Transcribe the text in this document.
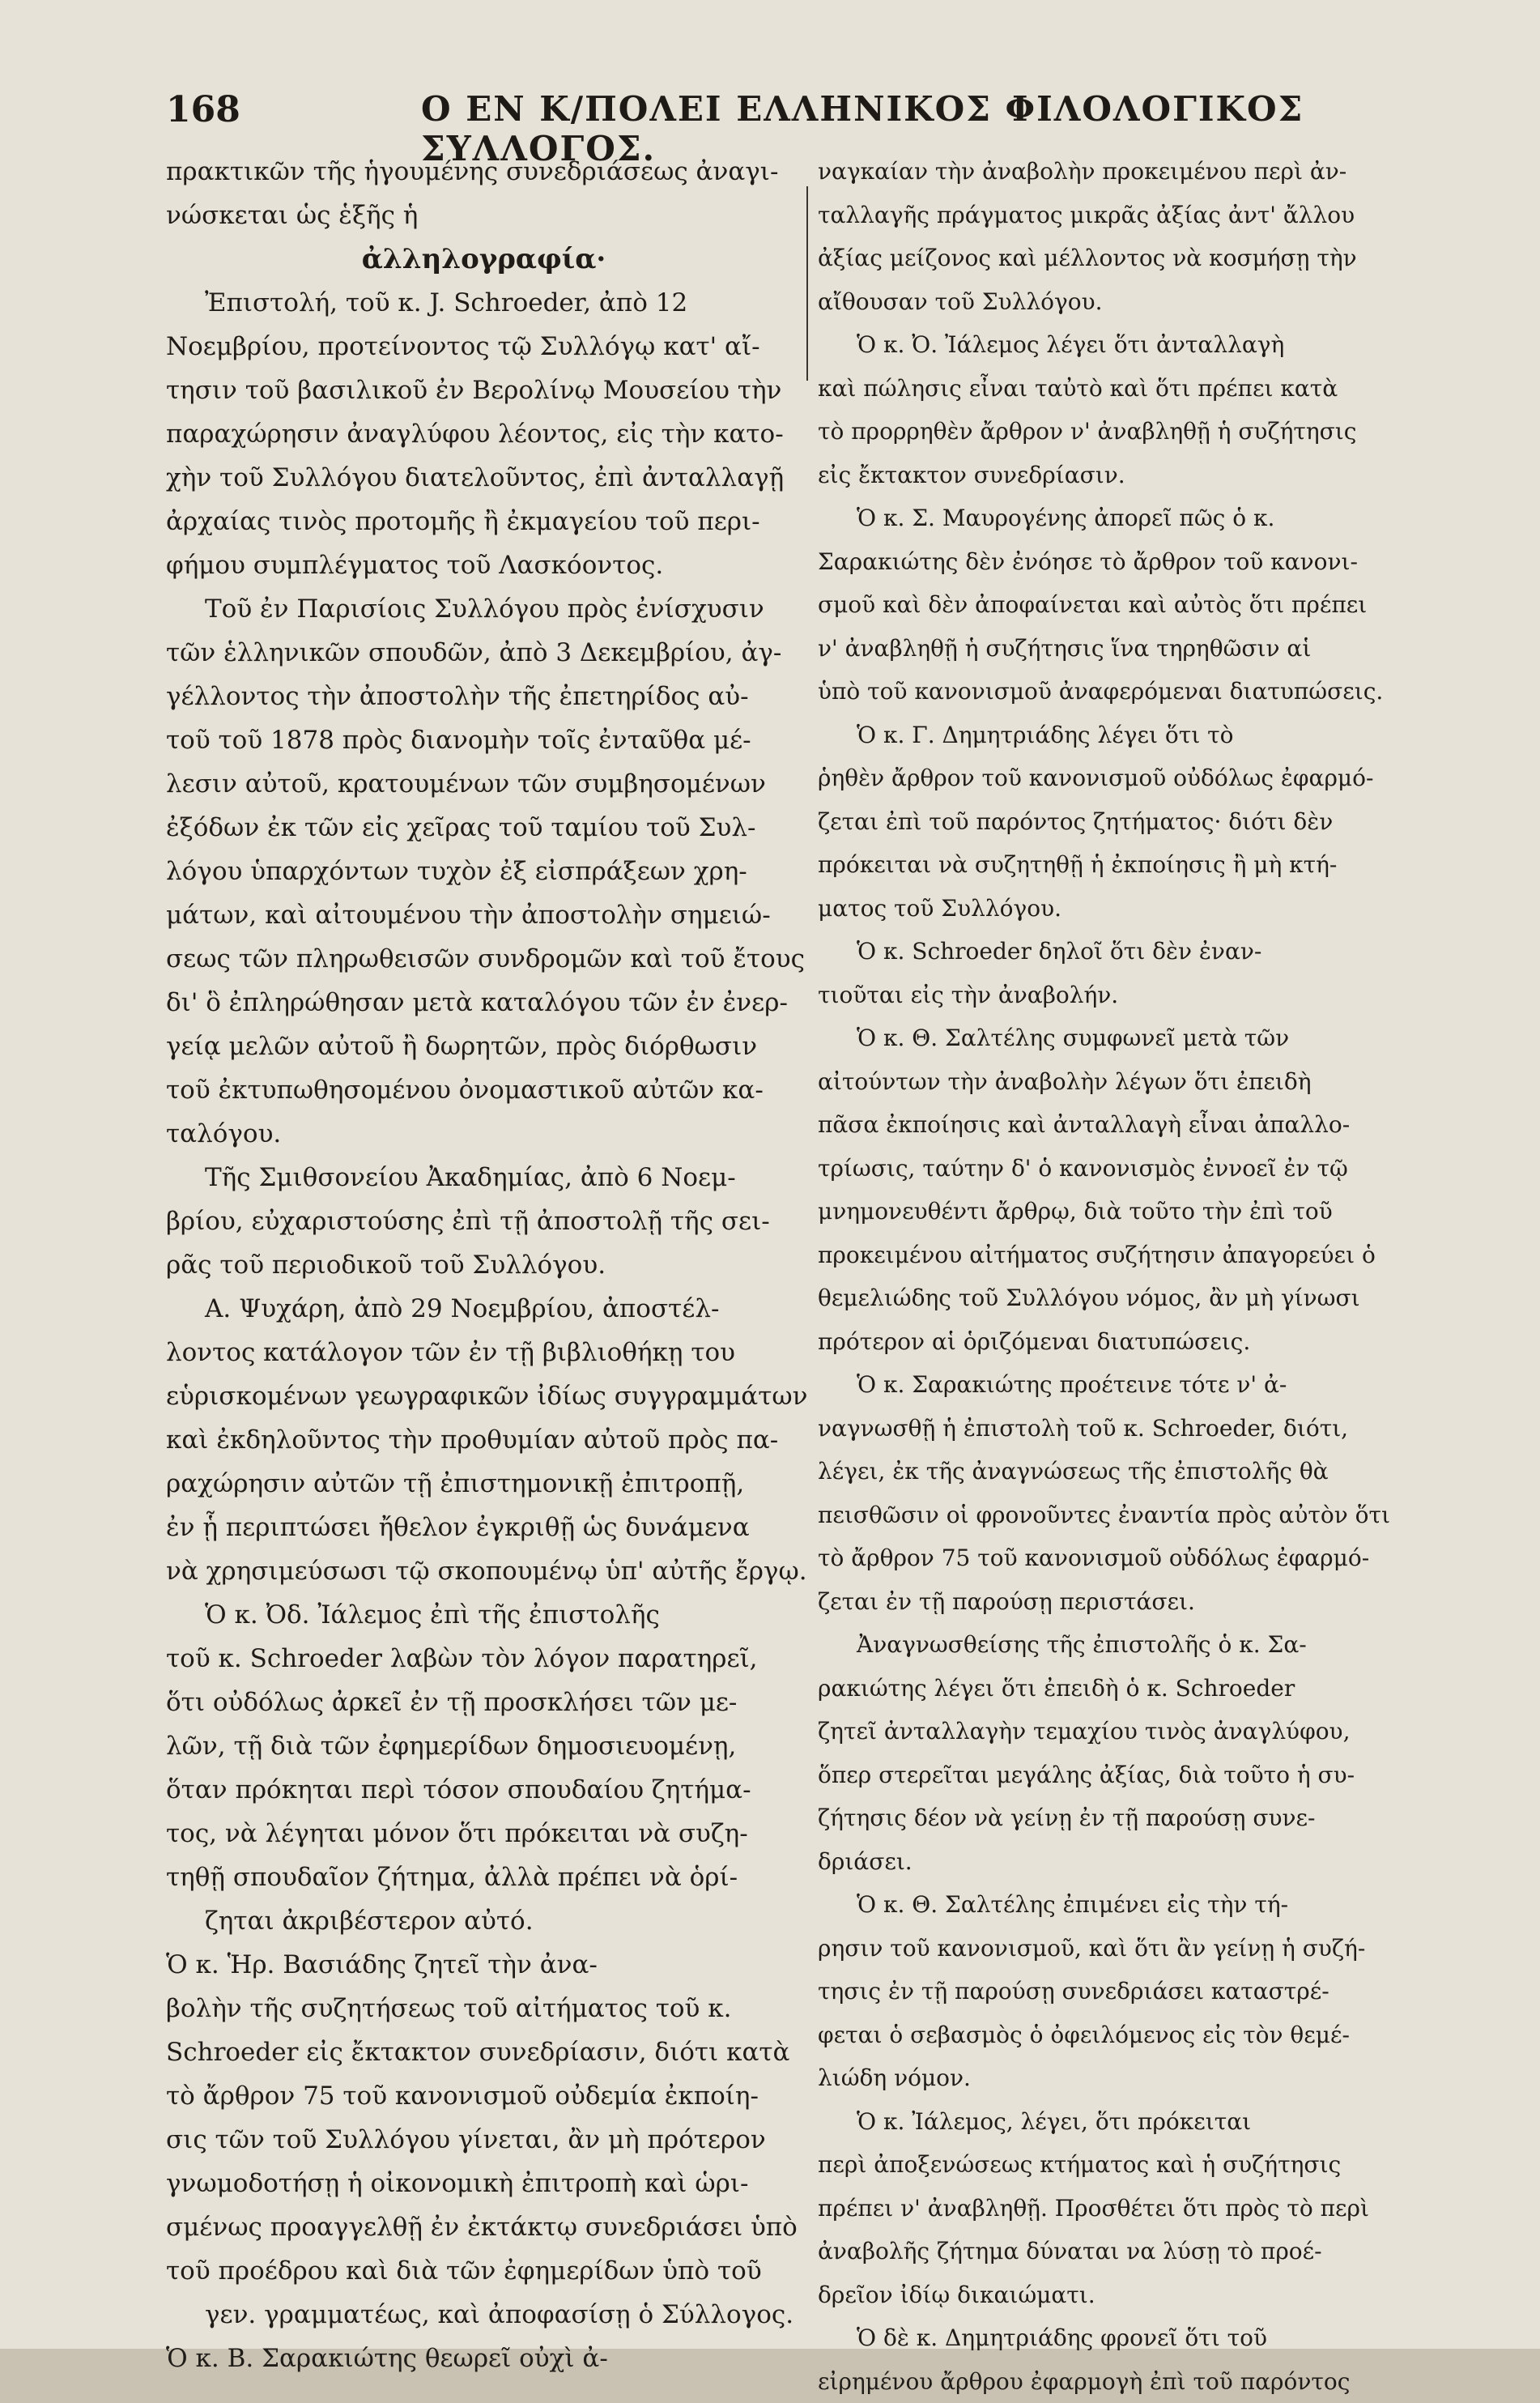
168	Ο ΕΝ Κ/ΠΟΛΕΙ ΕΛΛΗΝΙΚΟΣ ΦΙΛΟΛΟΓΙΚΟΣ ΣΥΛΛΟΓΟΣ.
πρακτικῶν τῆς ἡγουμένης συνεδριάσεως ἀναγι-
νώσκεται ὡς ἑξῆς ἡ
ἀλληλογραφία·
Ἐπιστολή, τοῦ κ. J. Schroeder, ἀπὸ 12
Νοεμβρίου, προτείνοντος τῷ Συλλόγῳ κατ' αἴ-
τησιν τοῦ βασιλικοῦ ἐν Βερολίνῳ Μουσείου τὴν
παραχώρησιν ἀναγλύφου λέοντος, εἰς τὴν κατο-
χὴν τοῦ Συλλόγου διατελοῦντος, ἐπὶ ἀνταλλαγῇ
ἀρχαίας τινὸς προτομῆς ἢ ἐκμαγείου τοῦ περι-
φήμου συμπλέγματος τοῦ Λασκόοντος.
Τοῦ ἐν Παρισίοις Συλλόγου πρὸς ἐνίσχυσιν
τῶν ἑλληνικῶν σπουδῶν, ἀπὸ 3 Δεκεμβρίου, ἀγ-
γέλλοντος τὴν ἀποστολὴν τῆς ἐπετηρίδος αὐ-
τοῦ τοῦ 1878 πρὸς διανομὴν τοῖς ἐνταῦθα μέ-
λεσιν αὐτοῦ, κρατουμένων τῶν συμβησομένων
ἐξόδων ἐκ τῶν εἰς χεῖρας τοῦ ταμίου τοῦ Συλ-
λόγου ὑπαρχόντων τυχὸν ἐξ εἰσπράξεων χρη-
μάτων, καὶ αἰτουμένου τὴν ἀποστολὴν σημειώ-
σεως τῶν πληρωθεισῶν συνδρομῶν καὶ τοῦ ἔτους
δι' ὃ ἐπληρώθησαν μετὰ καταλόγου τῶν ἐν ἐνερ-
γείᾳ μελῶν αὐτοῦ ἢ δωρητῶν, πρὸς διόρθωσιν
τοῦ ἐκτυπωθησομένου ὀνομαστικοῦ αὐτῶν κα-
ταλόγου.
Τῆς Σμιθσονείου Ἀκαδημίας, ἀπὸ 6 Νοεμ-
βρίου, εὐχαριστούσης ἐπὶ τῇ ἀποστολῇ τῆς σει-
ρᾶς τοῦ περιοδικοῦ τοῦ Συλλόγου.
Α. Ψυχάρη, ἀπὸ 29 Νοεμβρίου, ἀποστέλ-
λοντος κατάλογον τῶν ἐν τῇ βιβλιοθήκῃ του
εὑρισκομένων γεωγραφικῶν ἰδίως συγγραμμάτων
καὶ ἐκδηλοῦντος τὴν προθυμίαν αὐτοῦ πρὸς πα-
ραχώρησιν αὐτῶν τῇ ἐπιστημονικῇ ἐπιτροπῇ,
ἐν ᾗ περιπτώσει ἤθελον ἐγκριθῇ ὡς δυνάμενα
νὰ χρησιμεύσωσι τῷ σκοπουμένῳ ὑπ' αὐτῆς ἔργῳ.
Ὁ κ. Ὀδ. Ἰάλεμος ἐπὶ τῆς ἐπιστολῆς
τοῦ κ. Schroeder λαβὼν τὸν λόγον παρατηρεῖ,
ὅτι οὐδόλως ἀρκεῖ ἐν τῇ προσκλήσει τῶν με-
λῶν, τῇ διὰ τῶν ἐφημερίδων δημοσιευομένῃ,
ὅταν πρόκηται περὶ τόσον σπουδαίου ζητήμα-
τος, νὰ λέγηται μόνον ὅτι πρόκειται νὰ συζη-
τηθῇ σπουδαῖον ζήτημα, ἀλλὰ πρέπει νὰ ὁρί-
ζηται ἀκριβέστερον αὐτό.
Ὁ κ. Ἡρ. Βασιάδης ζητεῖ τὴν ἀνα-
βολὴν τῆς συζητήσεως τοῦ αἰτήματος τοῦ κ.
Schroeder εἰς ἔκτακτον συνεδρίασιν, διότι κατὰ
τὸ ἄρθρον 75 τοῦ κανονισμοῦ οὐδεμία ἐκποίη-
σις τῶν τοῦ Συλλόγου γίνεται, ἂν μὴ πρότερον
γνωμοδοτήσῃ ἡ οἰκονομικὴ ἐπιτροπὴ καὶ ὡρι-
σμένως προαγγελθῇ ἐν ἐκτάκτῳ συνεδριάσει ὑπὸ
τοῦ προέδρου καὶ διὰ τῶν ἐφημερίδων ὑπὸ τοῦ
γεν. γραμματέως, καὶ ἀποφασίσῃ ὁ Σύλλογος.
Ὁ κ. Β. Σαρακιώτης θεωρεῖ οὐχὶ ἀ-
ναγκαίαν τὴν ἀναβολὴν προκειμένου περὶ ἀν-
ταλλαγῆς πράγματος μικρᾶς ἀξίας ἀντ' ἄλλου
ἀξίας μείζονος καὶ μέλλοντος νὰ κοσμήσῃ τὴν
αἴθουσαν τοῦ Συλλόγου.
Ὁ κ. Ὀ. Ἰάλεμος λέγει ὅτι ἀνταλλαγὴ
καὶ πώλησις εἶναι ταὐτὸ καὶ ὅτι πρέπει κατὰ
τὸ προρρηθὲν ἄρθρον ν' ἀναβληθῇ ἡ συζήτησις
εἰς ἔκτακτον συνεδρίασιν.
Ὁ κ. Σ. Μαυρογένης ἀπορεῖ πῶς ὁ κ.
Σαρακιώτης δὲν ἐνόησε τὸ ἄρθρον τοῦ κανονι-
σμοῦ καὶ δὲν ἀποφαίνεται καὶ αὐτὸς ὅτι πρέπει
ν' ἀναβληθῇ ἡ συζήτησις ἵνα τηρηθῶσιν αἱ
ὑπὸ τοῦ κανονισμοῦ ἀναφερόμεναι διατυπώσεις.
Ὁ κ. Γ. Δημητριάδης λέγει ὅτι τὸ
ῥηθὲν ἄρθρον τοῦ κανονισμοῦ οὐδόλως ἐφαρμό-
ζεται ἐπὶ τοῦ παρόντος ζητήματος· διότι δὲν
πρόκειται νὰ συζητηθῇ ἡ ἐκποίησις ἢ μὴ κτή-
ματος τοῦ Συλλόγου.
Ὁ κ. Schroeder δηλοῖ ὅτι δὲν ἐναν-
τιοῦται εἰς τὴν ἀναβολήν.
Ὁ κ. Θ. Σαλτέλης συμφωνεῖ μετὰ τῶν
αἰτούντων τὴν ἀναβολὴν λέγων ὅτι ἐπειδὴ
πᾶσα ἐκποίησις καὶ ἀνταλλαγὴ εἶναι ἀπαλλο-
τρίωσις, ταύτην δ' ὁ κανονισμὸς ἐννοεῖ ἐν τῷ
μνημονευθέντι ἄρθρῳ, διὰ τοῦτο τὴν ἐπὶ τοῦ
προκειμένου αἰτήματος συζήτησιν ἀπαγορεύει ὁ
θεμελιώδης τοῦ Συλλόγου νόμος, ἂν μὴ γίνωσι
πρότερον αἱ ὁριζόμεναι διατυπώσεις.
Ὁ κ. Σαρακιώτης προέτεινε τότε ν' ἀ-
ναγνωσθῇ ἡ ἐπιστολὴ τοῦ κ. Schroeder, διότι,
λέγει, ἐκ τῆς ἀναγνώσεως τῆς ἐπιστολῆς θὰ
πεισθῶσιν οἱ φρονοῦντες ἐναντία πρὸς αὐτὸν ὅτι
τὸ ἄρθρον 75 τοῦ κανονισμοῦ οὐδόλως ἐφαρμό-
ζεται ἐν τῇ παρούσῃ περιστάσει.
Ἀναγνωσθείσης τῆς ἐπιστολῆς ὁ κ. Σα-
ρακιώτης λέγει ὅτι ἐπειδὴ ὁ κ. Schroeder
ζητεῖ ἀνταλλαγὴν τεμαχίου τινὸς ἀναγλύφου,
ὅπερ στερεῖται μεγάλης ἀξίας, διὰ τοῦτο ἡ συ-
ζήτησις δέον νὰ γείνῃ ἐν τῇ παρούσῃ συνε-
δριάσει.
Ὁ κ. Θ. Σαλτέλης ἐπιμένει εἰς τὴν τή-
ρησιν τοῦ κανονισμοῦ, καὶ ὅτι ἂν γείνῃ ἡ συζή-
τησις ἐν τῇ παρούσῃ συνεδριάσει καταστρέ-
φεται ὁ σεβασμὸς ὁ ὀφειλόμενος εἰς τὸν θεμέ-
λιώδη νόμον.
Ὁ κ. Ἰάλεμος, λέγει, ὅτι πρόκειται
περὶ ἀποξενώσεως κτήματος καὶ ἡ συζήτησις
πρέπει ν' ἀναβληθῇ. Προσθέτει ὅτι πρὸς τὸ περὶ
ἀναβολῆς ζήτημα δύναται να λύσῃ τὸ προέ-
δρεῖον ἰδίῳ δικαιώματι.
Ὁ δὲ κ. Δημητριάδης φρονεῖ ὅτι τοῦ
εἰρημένου ἄρθρου ἐφαρμογὴ ἐπὶ τοῦ παρόντος
